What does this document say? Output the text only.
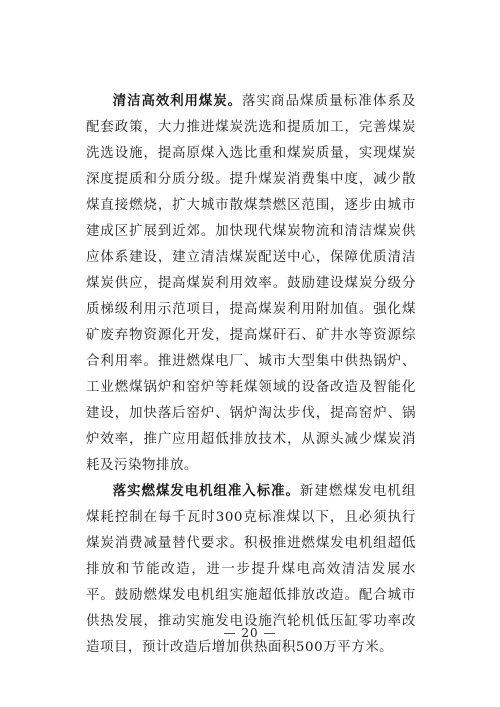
清洁高效利用煤炭。落实商品煤质量标准体系及配套政策，大力推进煤炭洗选和提质加工，完善煤炭洗选设施，提高原煤入选比重和煤炭质量，实现煤炭深度提质和分质分级。提升煤炭消费集中度，减少散煤直接燃烧，扩大城市散煤禁燃区范围，逐步由城市建成区扩展到近郊。加快现代煤炭物流和清洁煤炭供应体系建设，建立清洁煤炭配送中心，保障优质清洁煤炭供应，提高煤炭利用效率。鼓励建设煤炭分级分质梯级利用示范项目，提高煤炭利用附加值。强化煤矿废弃物资源化开发，提高煤矸石、矿井水等资源综合利用率。推进燃煤电厂、城市大型集中供热锅炉、工业燃煤锅炉和窑炉等耗煤领域的设备改造及智能化建设，加快落后窑炉、锅炉淘汰步伐，提高窑炉、锅炉效率，推广应用超低排放技术，从源头减少煤炭消耗及污染物排放。

落实燃煤发电机组准入标准。新建燃煤发电机组煤耗控制在每千瓦时300克标准煤以下，且必须执行煤炭消费减量替代要求。积极推进燃煤发电机组超低排放和节能改造，进一步提升煤电高效清洁发展水平。鼓励燃煤发电机组实施超低排放改造。配合城市供热发展，推动实施发电设施汽轮机低压缸零功率改造项目，预计改造后增加供热面积500万平方米。

— 20 —
